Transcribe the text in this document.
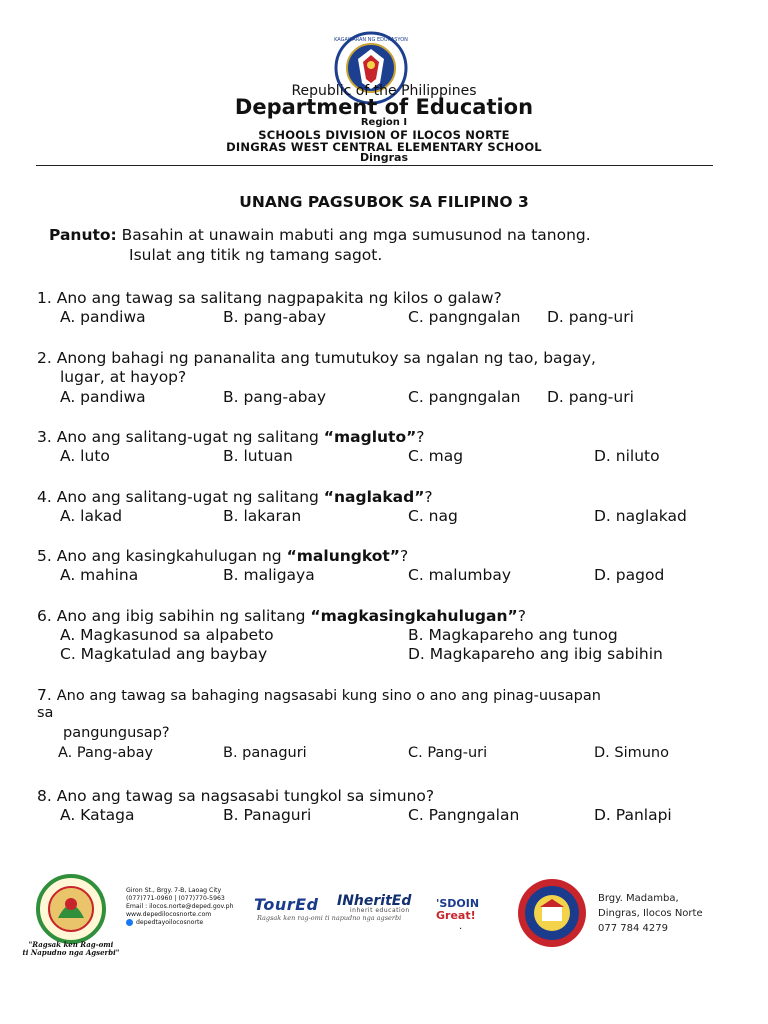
KAGAWARAN NG EDUKASYON
Republic of the Philippines
Department of Education
Region I
SCHOOLS DIVISION OF ILOCOS NORTE
DINGRAS WEST CENTRAL ELEMENTARY SCHOOL
Dingras
UNANG PAGSUBOK SA FILIPINO 3
Panuto: Basahin at unawain mabuti ang mga sumusunod na tanong.
Isulat ang titik ng tamang sagot.
1. Ano ang tawag sa salitang nagpapakita ng kilos o galaw?
A. pandiwa	B. pang-abay	C. pangngalan D. pang-uri
2. Anong bahagi ng pananalita ang tumutukoy sa ngalan ng tao, bagay,
lugar, at hayop?
A. pandiwa	B. pang-abay	C. pangngalan D. pang-uri
3. Ano ang salitang-ugat ng salitang “magluto”?
A. luto	B. lutuan	C. mag	D. niluto
4. Ano ang salitang-ugat ng salitang “naglakad”?
A. lakad	B. lakaran	C. nag	D. naglakad
5. Ano ang kasingkahulugan ng “malungkot”?
A. mahina	B. maligaya	C. malumbay	D. pagod
6. Ano ang ibig sabihin ng salitang “magkasingkahulugan”?
A. Magkasunod sa alpabeto	B. Magkapareho ang tunog
C. Magkatulad ang baybay	D. Magkapareho ang ibig sabihin
7. Ano ang tawag sa bahaging nagsasabi kung sino o ano ang pinag-uusapan
sa
pangungusap?
A. Pang-abay	B. panaguri	C. Pang-uri	D. Simuno
8. Ano ang tawag sa nagsasabi tungkol sa simuno?
A. Kataga	B. Panaguri	C. Pangngalan	D. Panlapi
"Ragsak ken Rag-omi
ti Napudno nga Agserbi"
Giron St., Brgy. 7-B, Laoag City
(077)771-0960 | (077)770-5963
Email : ilocos.norte@deped.gov.ph
www.depedilocosnorte.com
depedtayoilocosnorte
TourEd
Ragsak ken rag-omi ti napudno nga agserbi
INheritEd
inherit education
'SDOIN
Great!
.
Brgy. Madamba,
Dingras, Ilocos Norte
077 784 4279
